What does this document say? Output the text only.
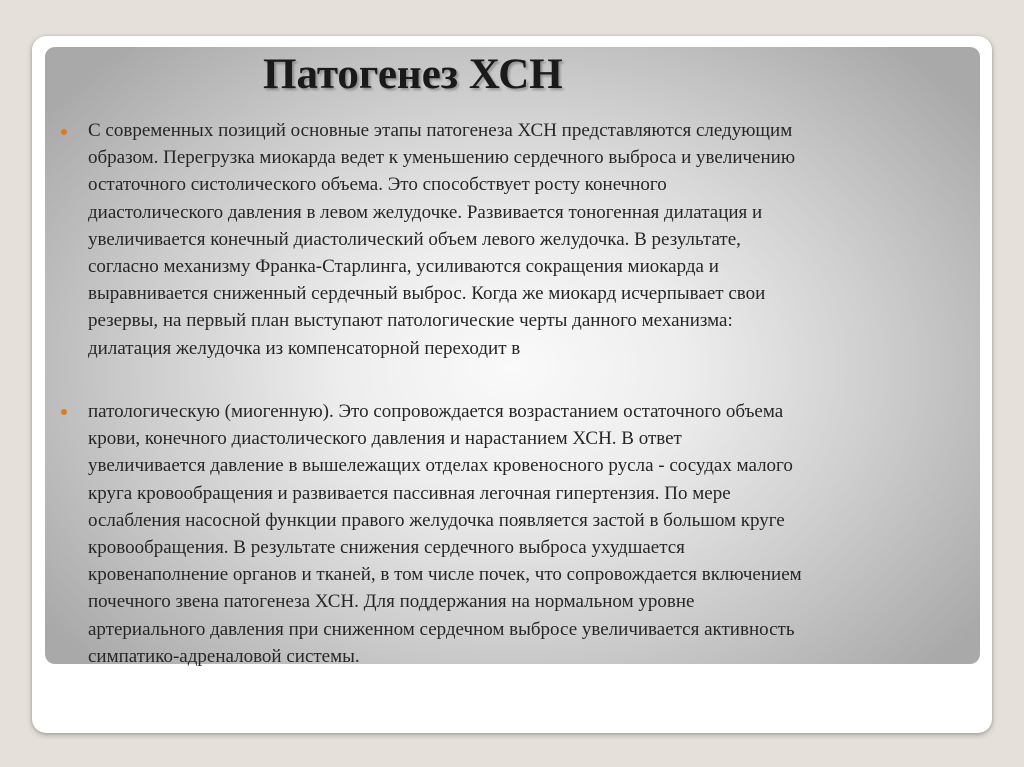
Патогенез ХСН

С современных позиций основные этапы патогенеза ХСН представляются следующим
образом. Перегрузка миокарда ведет к уменьшению сердечного выброса и увеличению
остаточного систолического объема. Это способствует росту конечного
диастолического давления в левом желудочке. Развивается тоногенная дилатация и
увеличивается конечный диастолический объем левого желудочка. В результате,
согласно механизму Франка-Старлинга, усиливаются сокращения миокарда и
выравнивается сниженный сердечный выброс. Когда же миокард исчерпывает свои
резервы, на первый план выступают патологические черты данного механизма:
дилатация желудочка из компенсаторной переходит в

патологическую (миогенную). Это сопровождается возрастанием остаточного объема
крови, конечного диастолического давления и нарастанием ХСН. В ответ
увеличивается давление в вышележащих отделах кровеносного русла - сосудах малого
круга кровообращения и развивается пассивная легочная гипертензия. По мере
ослабления насосной функции правого желудочка появляется застой в большом круге
кровообращения. В результате снижения сердечного выброса ухудшается
кровенаполнение органов и тканей, в том числе почек, что сопровождается включением
почечного звена патогенеза ХСН. Для поддержания на нормальном уровне
артериального давления при сниженном сердечном выбросе увеличивается активность
симпатико-адреналовой системы.
